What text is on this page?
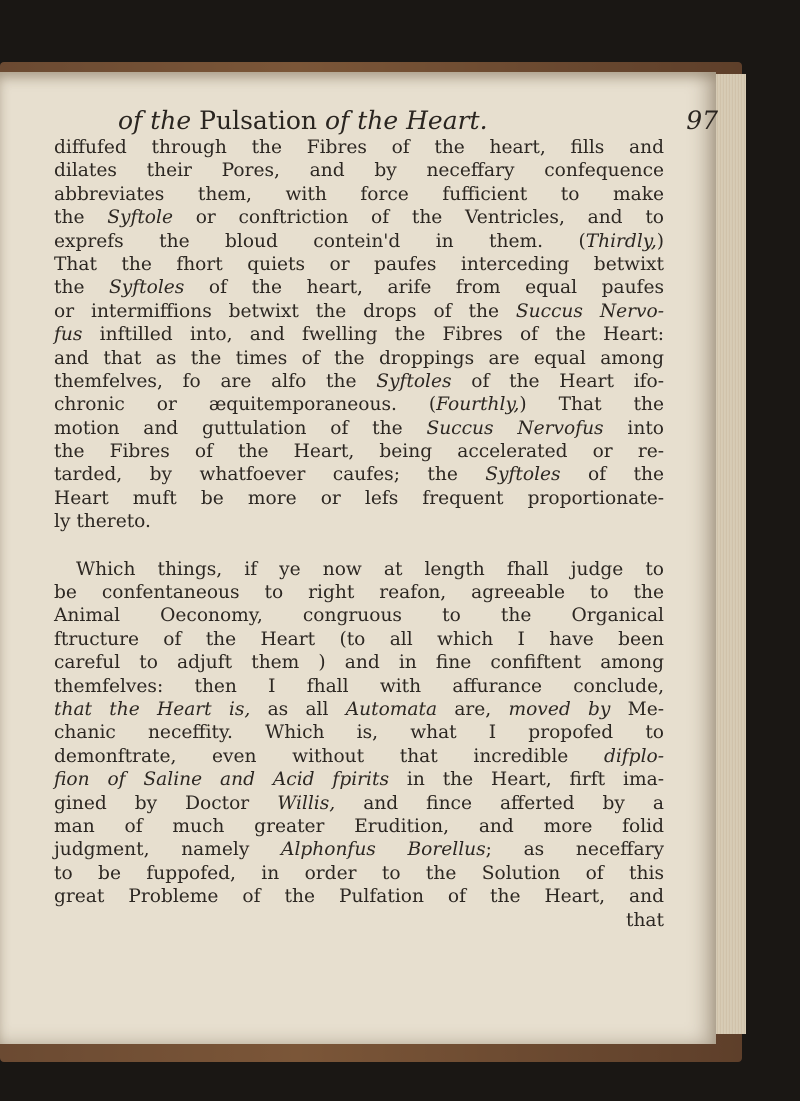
of the Pulsation of the Heart.	97
diffufed through the Fibres of the heart, fills and
dilates their Pores, and by neceffary confequence
abbreviates them, with force fufficient to make
the Syftole or conftriction of the Ventricles, and to
exprefs the bloud contein'd in them. (Thirdly,)
That the fhort quiets or paufes interceding betwixt
the Syftoles of the heart, arife from equal paufes
or intermiffions betwixt the drops of the Succus Nervo-
fus inftilled into, and fwelling the Fibres of the Heart:
and that as the times of the droppings are equal among
themfelves, fo are alfo the Syftoles of the Heart ifo-
chronic or æquitemporaneous. (Fourthly,) That the
motion and guttulation of the Succus Nervofus into
the Fibres of the Heart, being accelerated or re-
tarded, by whatfoever caufes; the Syftoles of the
Heart muft be more or lefs frequent proportionate-
ly thereto.
Which things, if ye now at length fhall judge to
be confentaneous to right reafon, agreeable to the
Animal Oeconomy, congruous to the Organical
ftructure of the Heart (to all which I have been
careful to adjuft them ) and in fine confiftent among
themfelves: then I fhall with affurance conclude,
that the Heart is, as all Automata are, moved by Me-
chanic neceffity. Which is, what I propofed to
demonftrate, even without that incredible difplo-
fion of Saline and Acid fpirits in the Heart, firft ima-
gined by Doctor Willis, and fince afferted by a
man of much greater Erudition, and more folid
judgment, namely Alphonfus Borellus; as neceffary
to be fuppofed, in order to the Solution of this
great Probleme of the Pulfation of the Heart, and
that
